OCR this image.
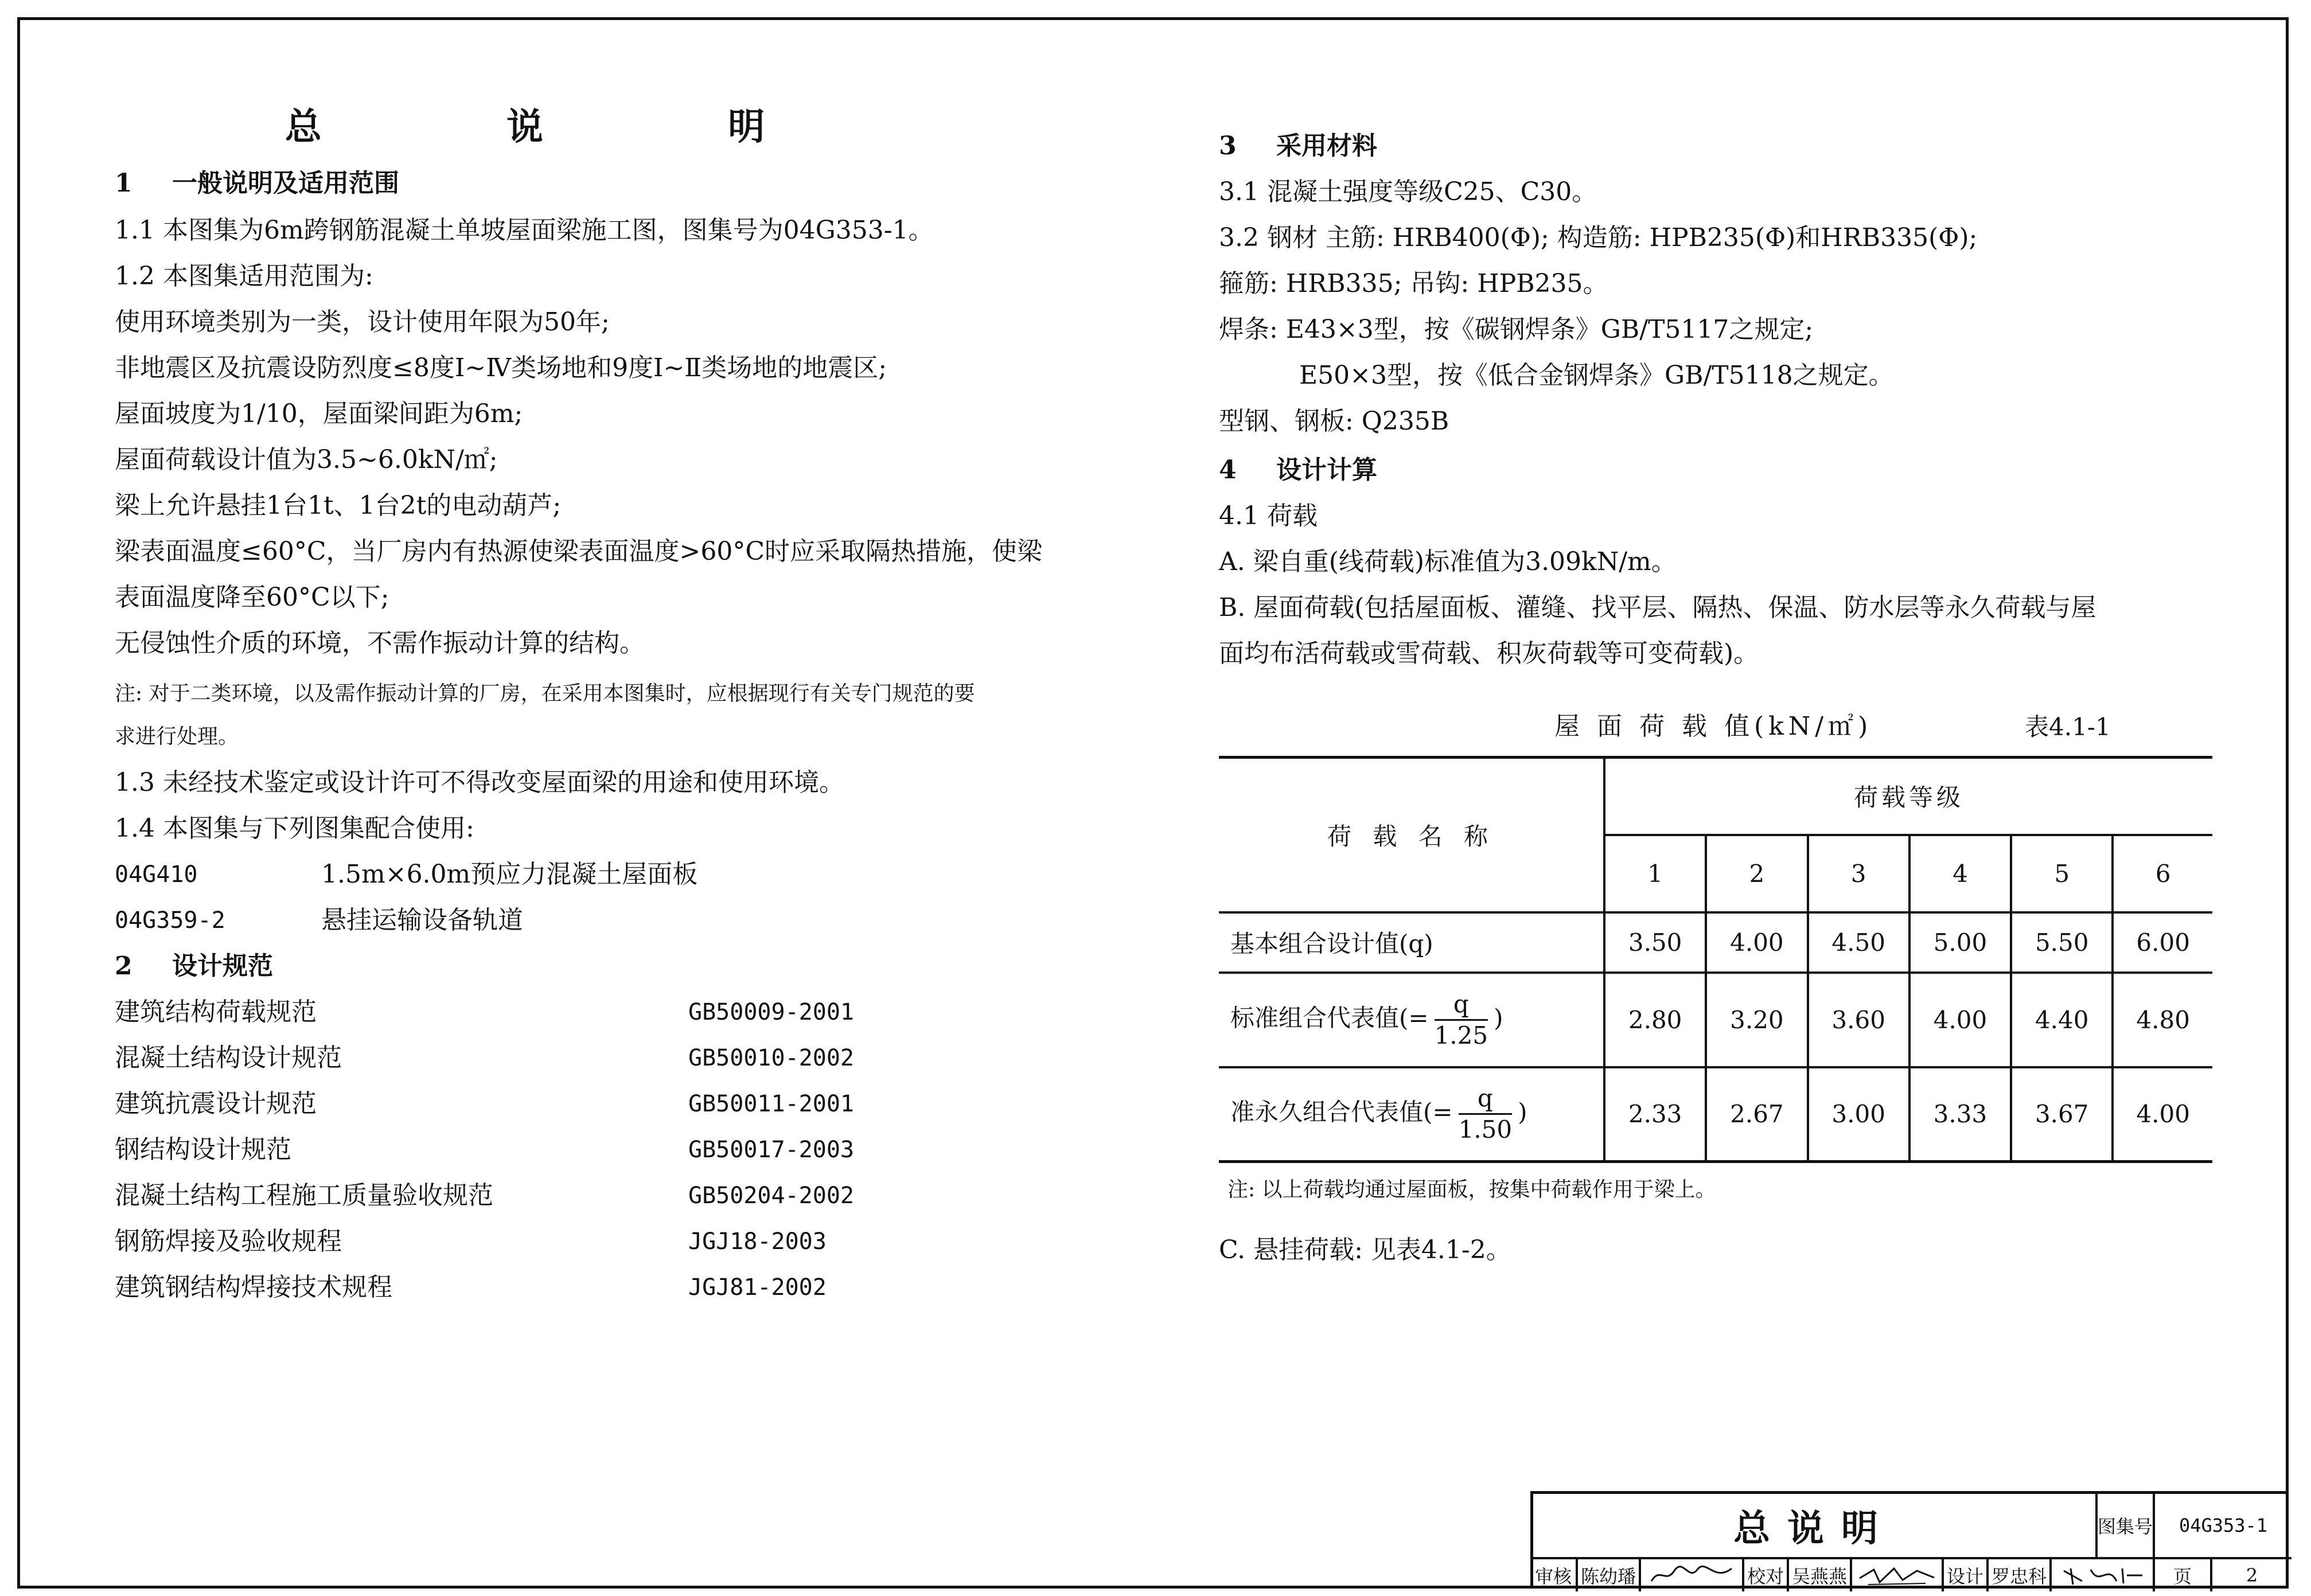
总 说 明
1 一般说明及适用范围
1.1 本图集为6m跨钢筋混凝土单坡屋面梁施工图，图集号为04G353-1。
1.2 本图集适用范围为:
使用环境类别为一类，设计使用年限为50年;
非地震区及抗震设防烈度≤8度Ⅰ~Ⅳ类场地和9度Ⅰ~Ⅱ类场地的地震区;
屋面坡度为1/10，屋面梁间距为6m;
屋面荷载设计值为3.5~6.0kN/㎡;
梁上允许悬挂1台1t、1台2t的电动葫芦;
梁表面温度≤60°C，当厂房内有热源使梁表面温度>60°C时应采取隔热措施，使梁
表面温度降至60°C以下;
无侵蚀性介质的环境，不需作振动计算的结构。
注: 对于二类环境，以及需作振动计算的厂房，在采用本图集时，应根据现行有关专门规范的要
求进行处理。
1.3 未经技术鉴定或设计许可不得改变屋面梁的用途和使用环境。
1.4 本图集与下列图集配合使用:
04G410	1.5m×6.0m预应力混凝土屋面板
04G359-2	悬挂运输设备轨道
2 设计规范
建筑结构荷载规范	GB50009-2001
混凝土结构设计规范	GB50010-2002
建筑抗震设计规范	GB50011-2001
钢结构设计规范	GB50017-2003
混凝土结构工程施工质量验收规范	GB50204-2002
钢筋焊接及验收规程	JGJ18-2003
建筑钢结构焊接技术规程	JGJ81-2002
3 采用材料
3.1 混凝土强度等级C25、C30。
3.2 钢材 主筋: HRB400(Φ); 构造筋: HPB235(Φ)和HRB335(Φ);
箍筋: HRB335; 吊钩: HPB235。
焊条: E43×3型，按《碳钢焊条》GB/T5117之规定;
E50×3型，按《低合金钢焊条》GB/T5118之规定。
型钢、钢板: Q235B
4 设计计算
4.1 荷载
A. 梁自重(线荷载)标准值为3.09kN/m。
B. 屋面荷载(包括屋面板、灌缝、找平层、隔热、保温、防水层等永久荷载与屋
面均布活荷载或雪荷载、积灰荷载等可变荷载)。
屋 面 荷 载 值(kN/㎡)	表4.1-1
荷 载 名 称	荷载等级					
	1	2	3	4	5	6
基本组合设计值(q)	3.50	4.00	4.50	5.00	5.50	6.00
标准组合代表值(= $\frac{q}{1.25}$ )	2.80	3.20	3.60	4.00	4.40	4.80
准永久组合代表值(= $\frac{q}{1.50}$ )	2.33	2.67	3.00	3.33	3.67	4.00
注: 以上荷载均通过屋面板，按集中荷载作用于梁上。
C. 悬挂荷载: 见表4.1-2。
总说明	图集号	04G353-1
审核 陈幼璠	校对 吴燕燕	设计 罗忠科	页	2
